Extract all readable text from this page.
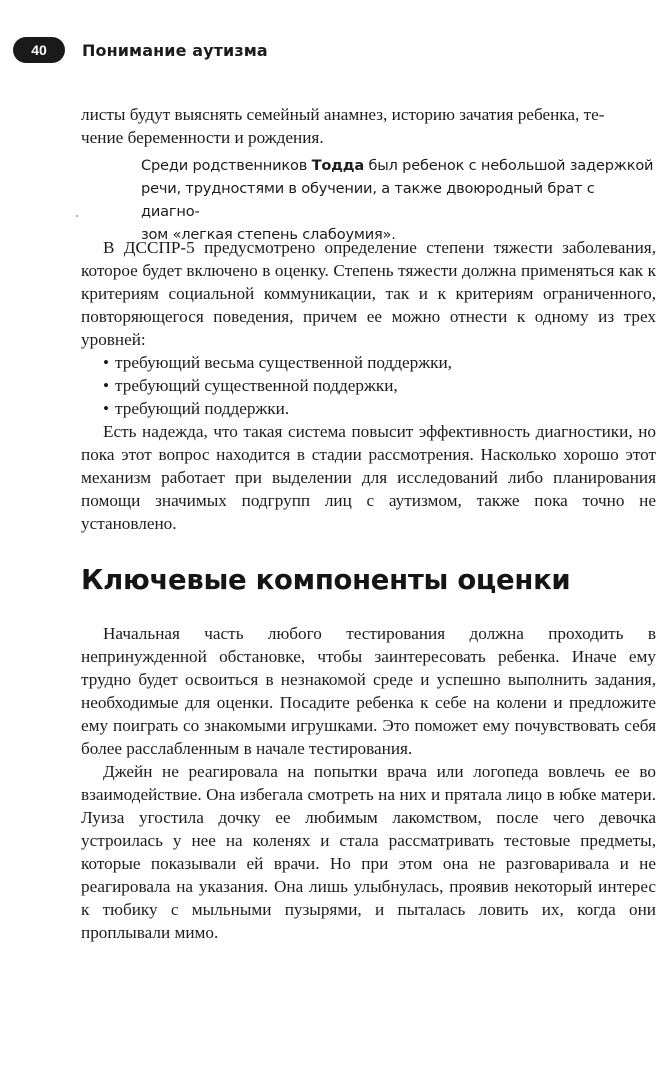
40	Понимание аутизма

листы будут выяснять семейный анамнез, историю зачатия ребенка, те-

чение беременности и рождения.

Среди родственников Тодда был ребенок с небольшой задержкой

речи, трудностями в обучении, а также двоюродный брат с диагно-

зом «легкая степень слабоумия».

В ДССПР-5 предусмотрено определение степени тяжести заболевания, которое будет включено в оценку. Степень тяжести должна применяться как к критериям социальной коммуникации, так и к критериям ограниченного, повторяющегося поведения, причем ее можно отнести к одному из трех уровней:

• требующий весьма существенной поддержки,
• требующий существенной поддержки,
• требующий поддержки.

Есть надежда, что такая система повысит эффективность диагностики, но пока этот вопрос находится в стадии рассмотрения. Насколько хорошо этот механизм работает при выделении для исследований либо планирования помощи значимых подгрупп лиц с аутизмом, также пока точно не установлено.

Ключевые компоненты оценки

Начальная часть любого тестирования должна проходить в непринужденной обстановке, чтобы заинтересовать ребенка. Иначе ему трудно будет освоиться в незнакомой среде и успешно выполнить задания, необходимые для оценки. Посадите ребенка к себе на колени и предложите ему поиграть со знакомыми игрушками. Это поможет ему почувствовать себя более расслабленным в начале тестирования.

Джейн не реагировала на попытки врача или логопеда вовлечь ее во взаимодействие. Она избегала смотреть на них и прятала лицо в юбке матери. Луиза угостила дочку ее любимым лакомством, после чего девочка устроилась у нее на коленях и стала рассматривать тестовые предметы, которые показывали ей врачи. Но при этом она не разговаривала и не реагировала на указания. Она лишь улыбнулась, проявив некоторый интерес к тюбику с мыльными пузырями, и пыталась ловить их, когда они проплывали мимо.
